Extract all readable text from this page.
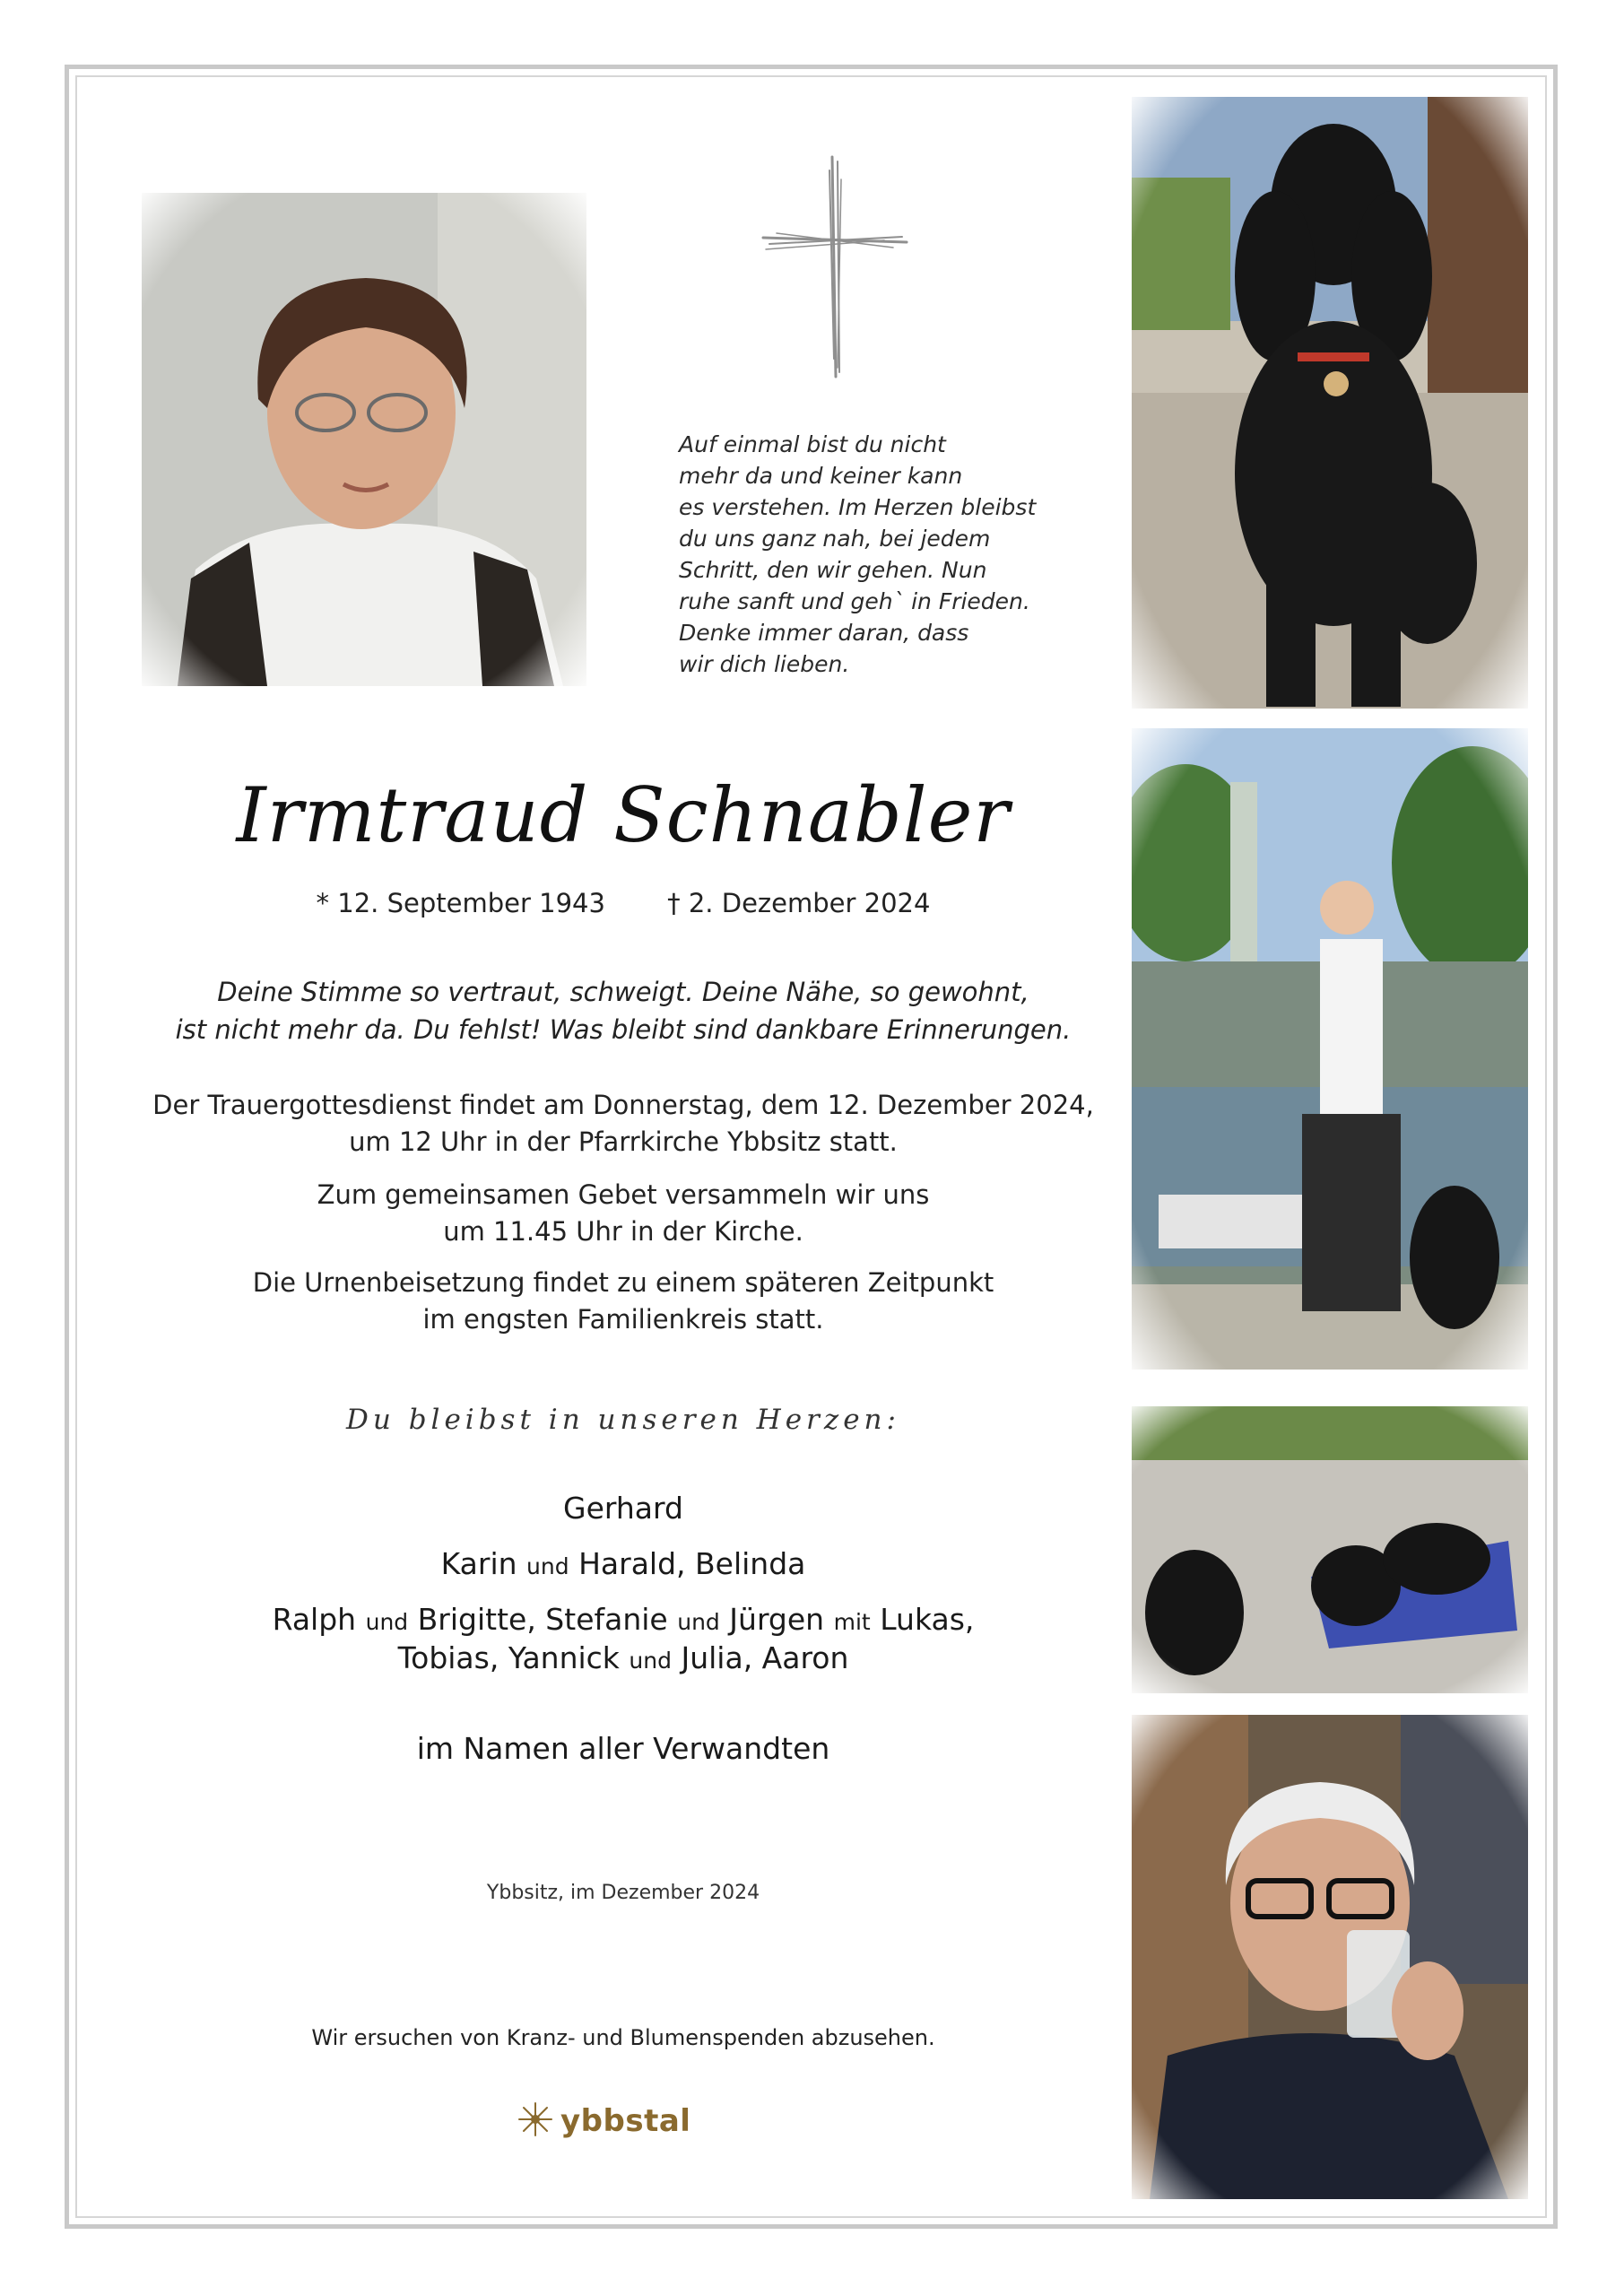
Auf einmal bist du nicht
mehr da und keiner kann
es verstehen. Im Herzen bleibst
du uns ganz nah, bei jedem
Schritt, den wir gehen. Nun
ruhe sanft und geh` in Frieden.
Denke immer daran, dass
wir dich lieben.
Irmtraud Schnabler
* 12. September 1943 † 2. Dezember 2024
Deine Stimme so vertraut, schweigt. Deine Nähe, so gewohnt,
ist nicht mehr da. Du fehlst! Was bleibt sind dankbare Erinnerungen.
Der Trauergottesdienst findet am Donnerstag, dem 12. Dezember 2024,
um 12 Uhr in der Pfarrkirche Ybbsitz statt.
Zum gemeinsamen Gebet versammeln wir uns
um 11.45 Uhr in der Kirche.
Die Urnenbeisetzung findet zu einem späteren Zeitpunkt
im engsten Familienkreis statt.
Du bleibst in unseren Herzen:
Gerhard
Karin und Harald, Belinda
Ralph und Brigitte, Stefanie und Jürgen mit Lukas,
Tobias, Yannick und Julia, Aaron
im Namen aller Verwandten
Ybbsitz, im Dezember 2024
Wir ersuchen von Kranz- und Blumenspenden abzusehen.
ybbstal
